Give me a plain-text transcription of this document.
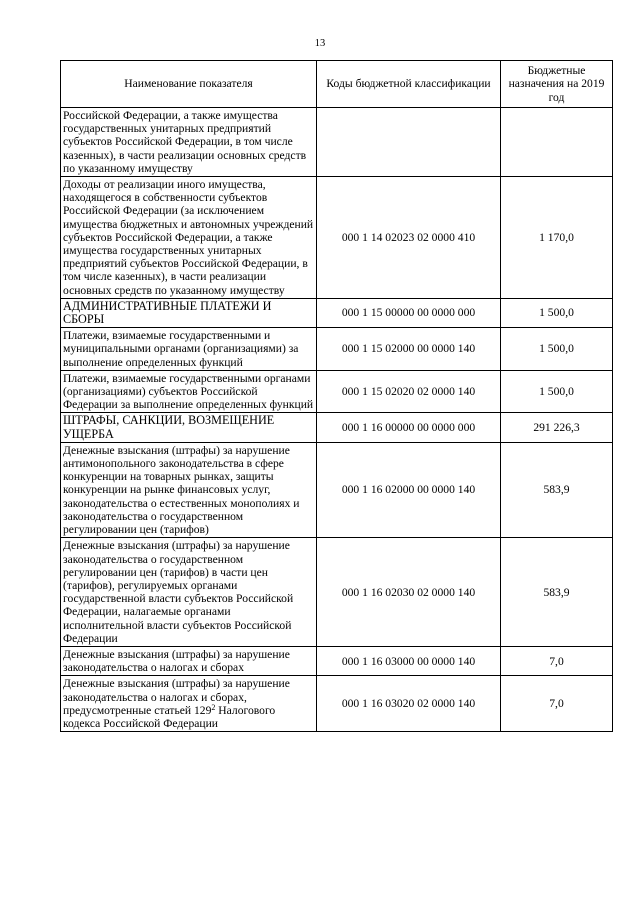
13
Наименование показателя	Коды бюджетной классификации	Бюджетные назначения на 2019 год
Российской Федерации, а также имущества государственных унитарных предприятий субъектов Российской Федерации, в том числе казенных), в части реализации основных средств по указанному имуществу		
Доходы от реализации иного имущества, находящегося в собственности субъектов Российской Федерации (за исключением имущества бюджетных и автономных учреждений субъектов Российской Федерации, а также имущества государственных унитарных предприятий субъектов Российской Федерации, в том числе казенных), в части реализации основных средств по указанному имуществу	000 1 14 02023 02 0000 410	1 170,0
АДМИНИСТРАТИВНЫЕ ПЛАТЕЖИ И СБОРЫ	000 1 15 00000 00 0000 000	1 500,0
Платежи, взимаемые государственными и муниципальными органами (организациями) за выполнение определенных функций	000 1 15 02000 00 0000 140	1 500,0
Платежи, взимаемые государственными органами (организациями) субъектов Российской Федерации за выполнение определенных функций	000 1 15 02020 02 0000 140	1 500,0
ШТРАФЫ, САНКЦИИ, ВОЗМЕЩЕНИЕ УЩЕРБА	000 1 16 00000 00 0000 000	291 226,3
Денежные взыскания (штрафы) за нарушение антимонопольного законодательства в сфере конкуренции на товарных рынках, защиты конкуренции на рынке финансовых услуг, законодательства о естественных монополиях и законодательства о государственном регулировании цен (тарифов)	000 1 16 02000 00 0000 140	583,9
Денежные взыскания (штрафы) за нарушение законодательства о государственном регулировании цен (тарифов) в части цен (тарифов), регулируемых органами государственной власти субъектов Российской Федерации, налагаемые органами исполнительной власти субъектов Российской Федерации	000 1 16 02030 02 0000 140	583,9
Денежные взыскания (штрафы) за нарушение законодательства о налогах и сборах	000 1 16 03000 00 0000 140	7,0
Денежные взыскания (штрафы) за нарушение законодательства о налогах и сборах, предусмотренные статьей $129^2$ Налогового кодекса Российской Федерации	000 1 16 03020 02 0000 140	7,0
